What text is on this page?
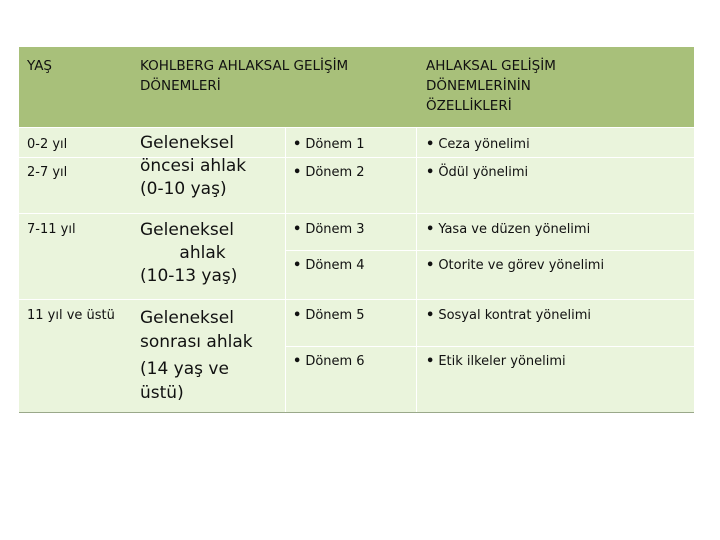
YAŞ	KOHLBERG AHLAKSAL GELİŞİM
DÖNEMLERİ
AHLAKSAL GELİŞİM
DÖNEMLERİNİN
ÖZELLİKLERİ
0-2 yıl
2-7 yıl
Geleneksel
öncesi ahlak
(0-10 yaş)
• Dönem 1
• Dönem 2
• Ceza yönelimi
• Ödül yönelimi
7-11 yıl	Geleneksel
ahlak
(10-13 yaş)
• Dönem 3
• Dönem 4
• Yasa ve düzen yönelimi
• Otorite ve görev yönelimi
11 yıl ve üstü Geleneksel
sonrası ahlak
(14 yaş ve
üstü)
• Dönem 5
• Dönem 6
• Sosyal kontrat yönelimi
• Etik ilkeler yönelimi
